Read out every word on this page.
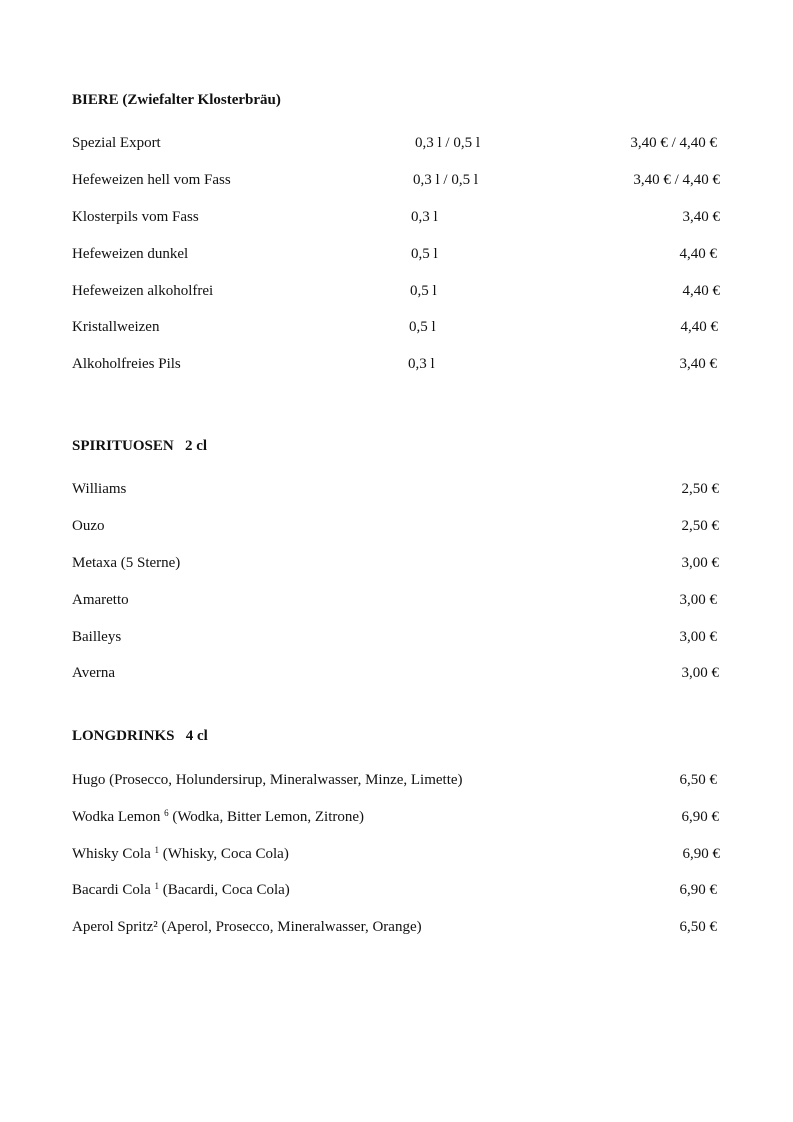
BIERE (Zwiefalter Klosterbräu)
Spezial Export	0,3 l / 0,5 l	3,40 € / 4,40 €
Hefeweizen hell vom Fass	0,3 l / 0,5 l	3,40 € / 4,40 €
Klosterpils vom Fass	0,3 l	3,40 €
Hefeweizen dunkel	0,5 l	4,40 €
Hefeweizen alkoholfrei	0,5 l	4,40 €
Kristallweizen	0,5 l	4,40 €
Alkoholfreies Pils	0,3 l	3,40 €
SPIRITUOSEN   2 cl
Williams	2,50 €
Ouzo	2,50 €
Metaxa (5 Sterne)	3,00 €
Amaretto	3,00 €
Bailleys	3,00 €
Averna	3,00 €
LONGDRINKS   4 cl
Hugo (Prosecco, Holundersirup, Mineralwasser, Minze, Limette)	6,50 €
Wodka Lemon $^6$ (Wodka, Bitter Lemon, Zitrone)	6,90 €
Whisky Cola $^1$ (Whisky, Coca Cola)	6,90 €
Bacardi Cola $^1$ (Bacardi, Coca Cola)	6,90 €
Aperol Spritz² (Aperol, Prosecco, Mineralwasser, Orange)	6,50 €
